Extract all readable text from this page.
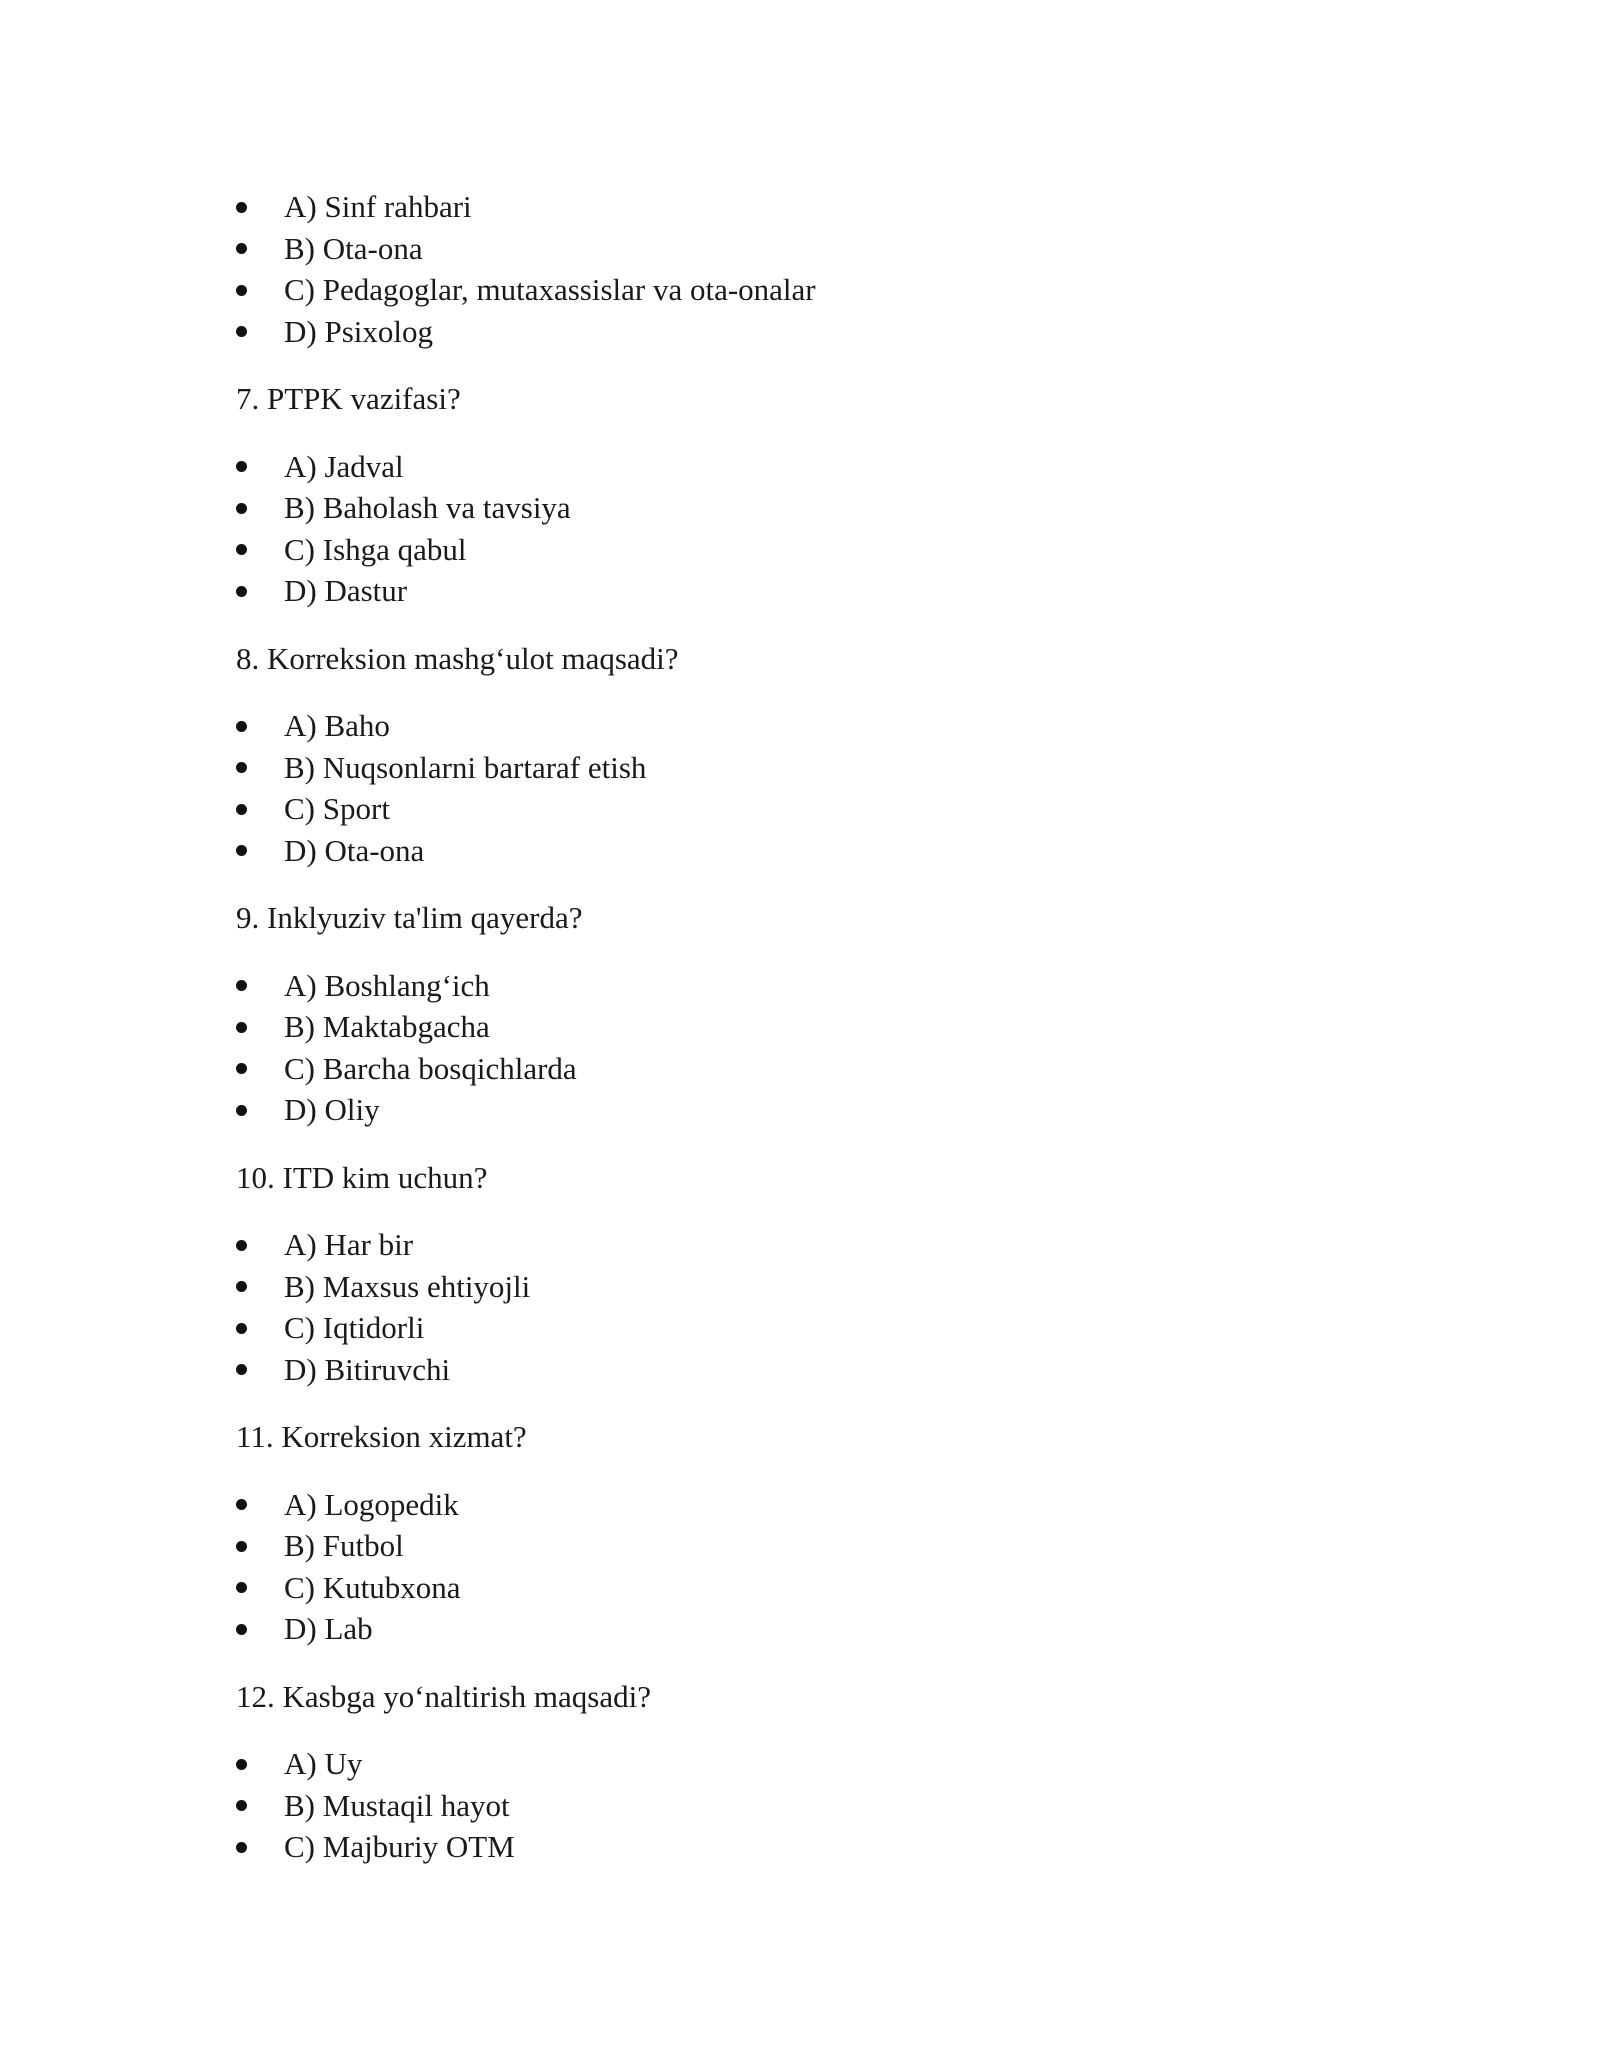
A) Sinf rahbari
B) Ota-ona
C) Pedagoglar, mutaxassislar va ota-onalar
D) Psixolog

7. PTPK vazifasi?

A) Jadval
B) Baholash va tavsiya
C) Ishga qabul
D) Dastur

8. Korreksion mashg‘ulot maqsadi?

A) Baho
B) Nuqsonlarni bartaraf etish
C) Sport
D) Ota-ona

9. Inklyuziv ta'lim qayerda?

A) Boshlang‘ich
B) Maktabgacha
C) Barcha bosqichlarda
D) Oliy

10. ITD kim uchun?

A) Har bir
B) Maxsus ehtiyojli
C) Iqtidorli
D) Bitiruvchi

11. Korreksion xizmat?

A) Logopedik
B) Futbol
C) Kutubxona
D) Lab

12. Kasbga yo‘naltirish maqsadi?

A) Uy
B) Mustaqil hayot
C) Majburiy OTM
